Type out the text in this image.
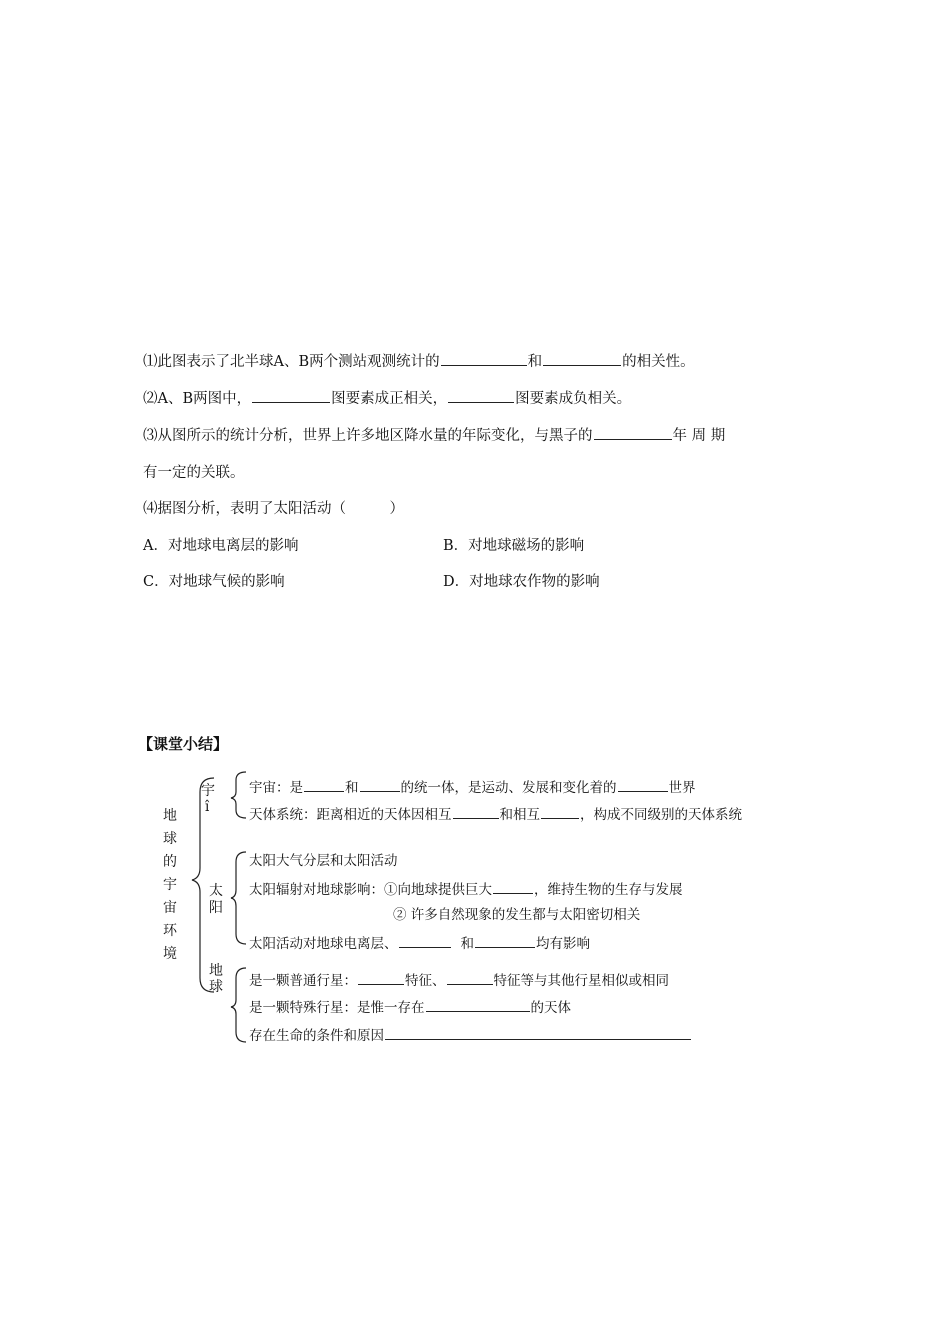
⑴此图表示了北半球A、B两个测站观测统计的	和	的相关性。
⑵A、B两图中，	图要素成正相关，	图要素成负相关。
⑶从图所示的统计分析，世界上许多地区降水量的年际变化，与黑子的	年 周 期
有一定的关联。
⑷据图分析，表明了太阳活动（　　　）
A．对地球电离层的影响	B．对地球磁场的影响
C．对地球气候的影响	D．对地球农作物的影响
【课堂小结】
地
球
的
宇
宙
环
境
宇
î
宇宙：是	和	的统一体，是运动、发展和变化着的	世界
天体系统：距离相近的天体因相互	和相互	，构成不同级别的天体系统
太
阳
太阳大气分层和太阳活动
太阳辐射对地球影响：①向地球提供巨大	，维持生物的生存与发展
② 许多自然现象的发生都与太阳密切相关
太阳活动对地球电离层、	和	均有影响
地
球 是一颗普通行星：	特征、	特征等与其他行星相似或相同
是一颗特殊行星：是惟一存在	的天体
存在生命的条件和原因
